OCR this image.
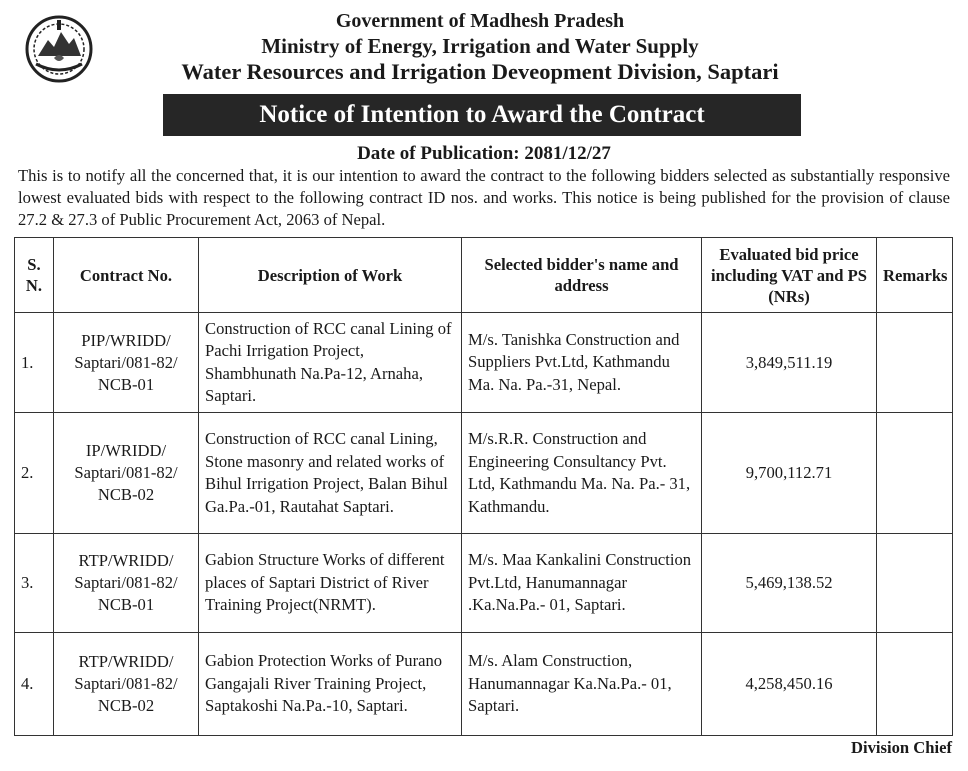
Government of Madhesh Pradesh
Ministry of Energy, Irrigation and Water Supply
Water Resources and Irrigation Deveopment Division, Saptari
Notice of Intention to Award the Contract
Date of Publication: 2081/12/27

This is to notify all the concerned that, it is our intention to award the contract to the following bidders selected as substantially responsive lowest evaluated bids with respect to the following contract ID nos. and works. This notice is being published for the provision of clause 27.2 & 27.3 of Public Procurement Act, 2063 of Nepal.

S. N.	Contract No.	Description of Work	Selected bidder's name and address	Evaluated bid price including VAT and PS (NRs)	Remarks
1.	PIP/WRIDD/ Saptari/081-82/ NCB-01	Construction of RCC canal Lining of Pachi Irrigation Project, Shambhunath Na.Pa-12, Arnaha, Saptari.	M/s. Tanishka Construction and Suppliers Pvt.Ltd, Kathmandu Ma. Na. Pa.-31, Nepal.	3,849,511.19	
2.	IP/WRIDD/ Saptari/081-82/ NCB-02	Construction of RCC canal Lining, Stone masonry and related works of Bihul Irrigation Project, Balan Bihul Ga.Pa.-01, Rautahat Saptari.	M/s.R.R. Construction and Engineering Consultancy Pvt. Ltd, Kathmandu Ma. Na. Pa.- 31, Kathmandu.	9,700,112.71	
3.	RTP/WRIDD/ Saptari/081-82/ NCB-01	Gabion Structure Works of different places of Saptari District of River Training Project(NRMT).	M/s. Maa Kankalini Construction Pvt.Ltd, Hanumannagar .Ka.Na.Pa.- 01, Saptari.	5,469,138.52	
4.	RTP/WRIDD/ Saptari/081-82/ NCB-02	Gabion Protection Works of Purano Gangajali River Training Project, Saptakoshi Na.Pa.-10, Saptari.	M/s. Alam Construction, Hanumannagar Ka.Na.Pa.- 01, Saptari.	4,258,450.16	
Division Chief
